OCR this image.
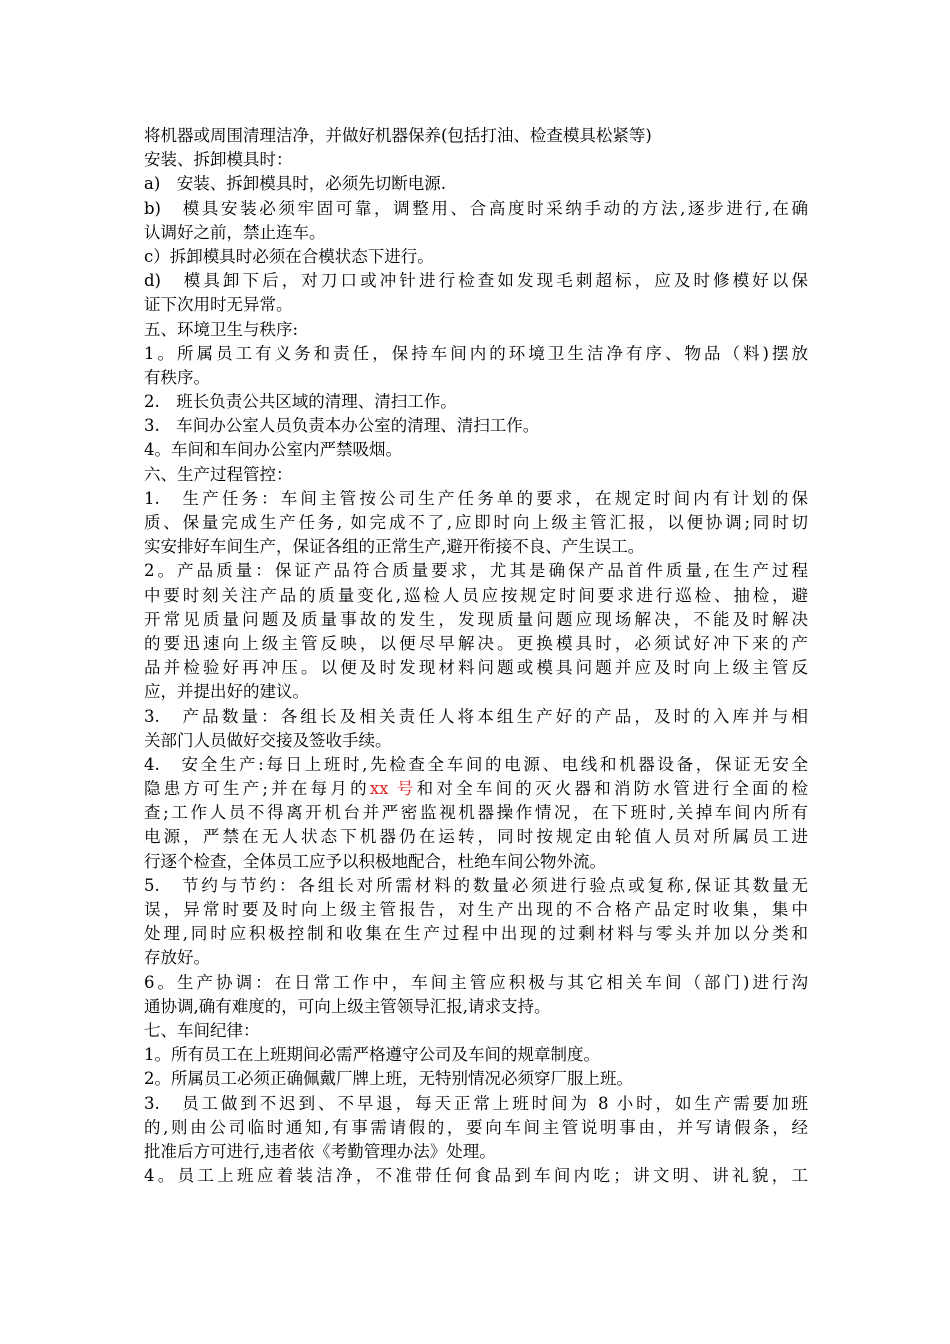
将机器或周围清理洁净，并做好机器保养(包括打油、检查模具松紧等)
安装、拆卸模具时：
a)　安装、拆卸模具时，必须先切断电源.
b)　模具安装必须牢固可靠，调整用、合高度时采纳手动的方法,逐步进行,在确
认调好之前，禁止连车。
c）拆卸模具时必须在合模状态下进行。
d)　模具卸下后，对刀口或冲针进行检查如发现毛刺超标，应及时修模好以保
证下次用时无异常。
五、环境卫生与秩序:
1。所属员工有义务和责任，保持车间内的环境卫生洁净有序、物品（料)摆放
有秩序。
2.　班长负责公共区域的清理、清扫工作。
3.　车间办公室人员负责本办公室的清理、清扫工作。
4。车间和车间办公室内严禁吸烟。
六、生产过程管控：
1.　生产任务：车间主管按公司生产任务单的要求，在规定时间内有计划的保
质、保量完成生产任务, 如完成不了,应即时向上级主管汇报，以便协调;同时切
实安排好车间生产，保证各组的正常生产,避开衔接不良、产生误工。
2。产品质量：保证产品符合质量要求，尤其是确保产品首件质量,在生产过程
中要时刻关注产品的质量变化,巡检人员应按规定时间要求进行巡检、抽检，避
开常见质量问题及质量事故的发生，发现质量问题应现场解决，不能及时解决
的要迅速向上级主管反映，以便尽早解决。更换模具时，必须试好冲下来的产
品并检验好再冲压。以便及时发现材料问题或模具问题并应及时向上级主管反
应，并提出好的建议。
3.　产品数量：各组长及相关责任人将本组生产好的产品，及时的入库并与相
关部门人员做好交接及签收手续。
4.　安全生产:每日上班时,先检查全车间的电源、电线和机器设备，保证无安全
隐患方可生产;并在每月的xx 号和对全车间的灭火器和消防水管进行全面的检
查;工作人员不得离开机台并严密监视机器操作情况，在下班时,关掉车间内所有
电源，严禁在无人状态下机器仍在运转，同时按规定由轮值人员对所属员工进
行逐个检查，全体员工应予以积极地配合，杜绝车间公物外流。
5.　节约与节约：各组长对所需材料的数量必须进行验点或复称,保证其数量无
误，异常时要及时向上级主管报告，对生产出现的不合格产品定时收集，集中
处理,同时应积极控制和收集在生产过程中出现的过剩材料与零头并加以分类和
存放好。
6。生产协调：在日常工作中，车间主管应积极与其它相关车间（部门)进行沟
通协调,确有难度的，可向上级主管领导汇报,请求支持。
七、车间纪律：
1。所有员工在上班期间必需严格遵守公司及车间的规章制度。
2。所属员工必须正确佩戴厂牌上班，无特别情况必须穿厂服上班。
3.　员工做到不迟到、不早退，每天正常上班时间为 8 小时，如生产需要加班
的,则由公司临时通知,有事需请假的，要向车间主管说明事由，并写请假条，经
批准后方可进行,违者依《考勤管理办法》处理。
4。员工上班应着装洁净，不准带任何食品到车间内吃；讲文明、讲礼貌，工
